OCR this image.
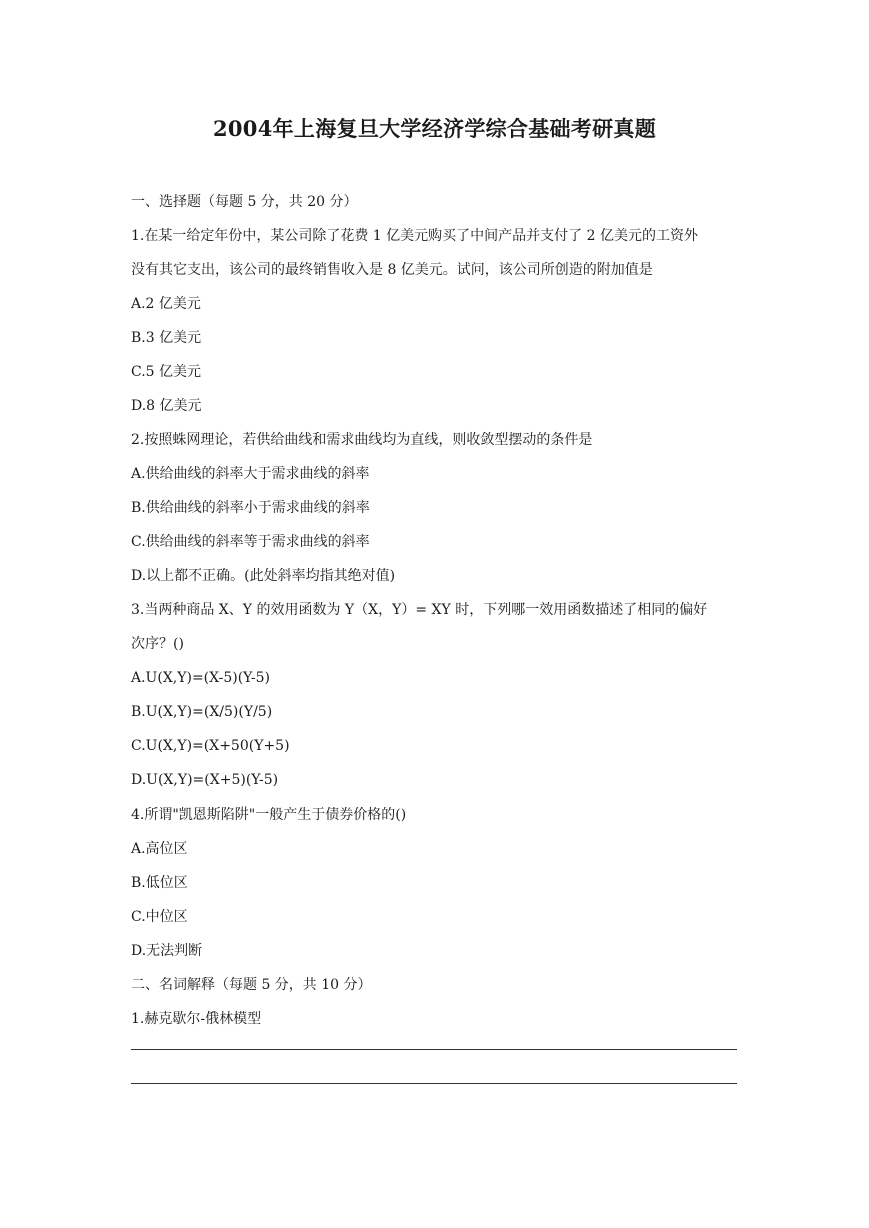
2004年上海复旦大学经济学综合基础考研真题
一、选择题（每题 5 分，共 20 分）
1.在某一给定年份中，某公司除了花费 1 亿美元购买了中间产品并支付了 2 亿美元的工资外
没有其它支出，该公司的最终销售收入是 8 亿美元。试问，该公司所创造的附加值是
A.2 亿美元
B.3 亿美元
C.5 亿美元
D.8 亿美元
2.按照蛛网理论，若供给曲线和需求曲线均为直线，则收敛型摆动的条件是
A.供给曲线的斜率大于需求曲线的斜率
B.供给曲线的斜率小于需求曲线的斜率
C.供给曲线的斜率等于需求曲线的斜率
D.以上都不正确。(此处斜率均指其绝对值)
3.当两种商品 X、Y 的效用函数为 Y（X，Y）= XY 时，下列哪一效用函数描述了相同的偏好
次序？()
A.U(X,Y)=(X-5)(Y-5)
B.U(X,Y)=(X/5)(Y/5)
C.U(X,Y)=(X+50(Y+5)
D.U(X,Y)=(X+5)(Y-5)
4.所谓"凯恩斯陷阱"一般产生于债券价格的()
A.高位区
B.低位区
C.中位区
D.无法判断
二、名词解释（每题 5 分，共 10 分）
1.赫克歇尔-俄林模型
